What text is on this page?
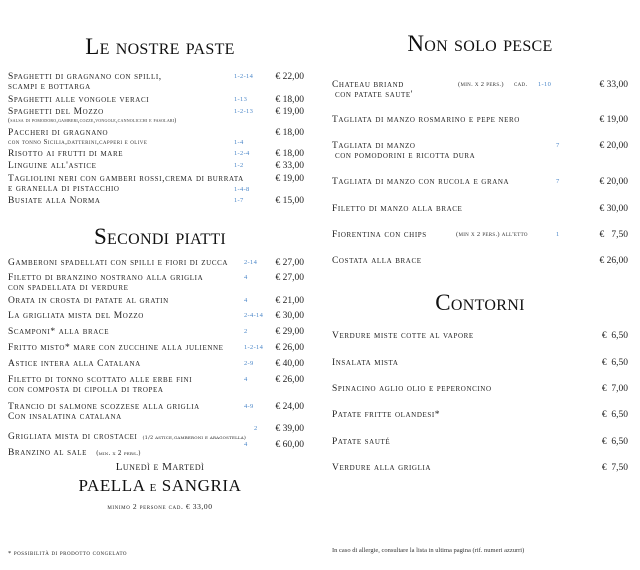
Le nostre paste
Spaghetti di gragnano con spilli,
scampi e bottarga
1-2-14 € 22,00
Spaghetti alle vongole veraci	1-13	€ 18,00
Spaghetti del Mozzo
(salsa di pomodoro,gamberi,cozze,vongole,cannolicchi e fasolari)
1-2-13 € 19,00
Paccheri di gragnano
con tonno Sicilia,datterini,capperi e olive	1-4
€ 18,00
Risotto ai frutti di mare	1-2-4	€ 18,00
Linguine all'astice	1-2	€ 33,00
Tagliolini neri con gamberi rossi,crema di burrata
e granella di pistacchio	1-4-8
€ 19,00
Busiate alla Norma	1-7	€ 15,00
Secondi piatti
Gamberoni spadellati con spilli e fiori di zucca	2-14 € 27,00
Filetto di branzino nostrano alla griglia
con spadellata di verdure
4	€ 27,00
Orata in crosta di patate al gratin	4	€ 21,00
La grigliata mista del Mozzo	2-4-14 € 30,00
Scamponi* alla brace	2	€ 29,00
Fritto misto* mare con zucchine alla julienne	1-2-14 € 26,00
Astice intera alla Catalana	2-9 € 40,00
Filetto di tonno scottato alle erbe fini
con composta di cipolla di tropea
4	€ 26,00
Trancio di salmone scozzese alla griglia
Con insalatina catalana
4-9 € 24,00
Grigliata mista di crostacei (1/2 astice,gamberoni e aragostella)
2 € 39,00
Branzino al sale (min. x 2 pers.)
4	€ 60,00
Lunedì e Martedì
PAELLA e SANGRIA
minimo 2 persone cad. € 33,00
* possibilità di prodotto congelato
Non solo pesce
Chateau briand
con patate saute'
(min. x 2 pers.) cad. 1-10	€ 33,00
Tagliata di manzo rosmarino e pepe nero	€ 19,00
Tagliata di manzo
con pomodorini e ricotta dura
7	€ 20,00
Tagliata di manzo con rucola e grana	7	€ 20,00
Filetto di manzo alla brace	€ 30,00
Fiorentina con chips	(min x 2 pers.) all'etto	1	€   7,50
Costata alla brace	€ 26,00
Contorni
Verdure miste cotte al vapore	€  6,50
Insalata mista	€  6,50
Spinacino aglio olio e peperoncino	€  7,00
Patate fritte olandesi*	€  6,50
Patate sauté	€  6,50
Verdure alla griglia	€  7,50
In caso di allergie, consultare la lista in ultima pagina (rif. numeri azzurri)
